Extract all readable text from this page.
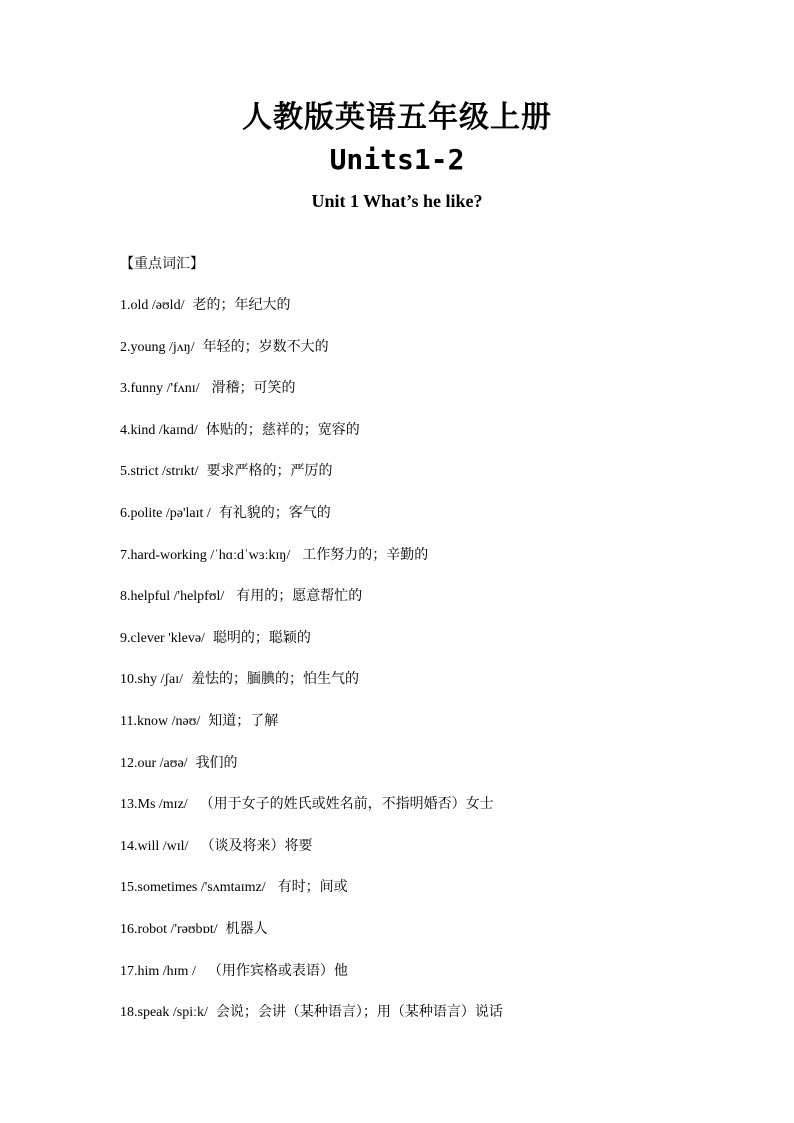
人教版英语五年级上册
Units1-2
Unit 1 What’s he like?
【重点词汇】
1.old /əʊld/ 老的；年纪大的
2.young /jʌŋ/ 年轻的；岁数不大的
3.funny /'fʌnɪ/ 滑稽；可笑的
4.kind /kaɪnd/ 体贴的；慈祥的；宽容的
5.strict /strɪkt/ 要求严格的；严厉的
6.polite /pə'laɪt / 有礼貌的；客气的
7.hard-working /ˈhɑːdˈwɜːkɪŋ/ 工作努力的；辛勤的
8.helpful /'helpfʊl/ 有用的；愿意帮忙的
9.clever 'klevə/ 聪明的；聪颖的
10.shy /ʃaɪ/ 羞怯的；腼腆的；怕生气的
11.know /nəʊ/ 知道；了解
12.our /aʊə/ 我们的
13.Ms /mɪz/ （用于女子的姓氏或姓名前，不指明婚否）女士
14.will /wɪl/ （谈及将来）将要
15.sometimes /'sʌmtaɪmz/ 有时；间或
16.robot /'rəʊbɒt/ 机器人
17.him /hɪm / （用作宾格或表语）他
18.speak /spiːk/ 会说；会讲（某种语言）；用（某种语言）说话
